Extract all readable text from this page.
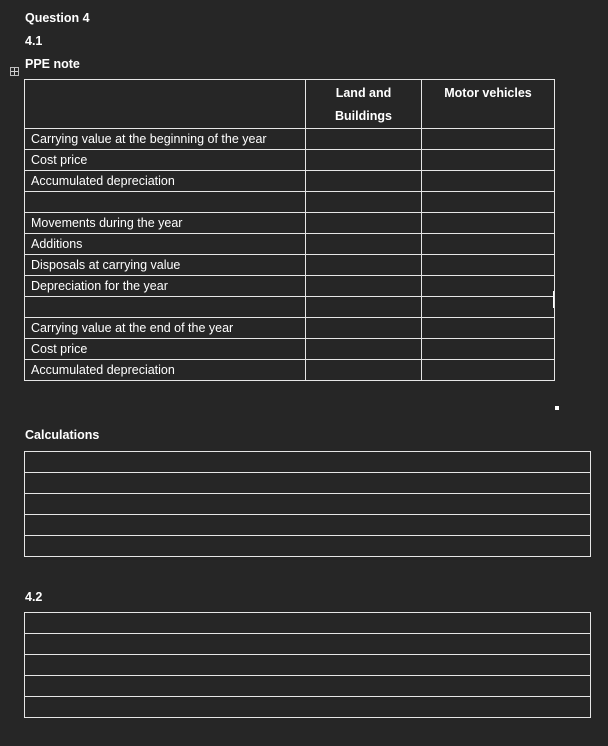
Question 4
4.1
PPE note
	Land and Buildings	Motor vehicles
Carrying value at the beginning of the year		
Cost price		
Accumulated depreciation		

Movements during the year		
Additions		
Disposals at carrying value		
Depreciation for the year		

Carrying value at the end of the year		
Cost price		
Accumulated depreciation		
Calculations

4.2
